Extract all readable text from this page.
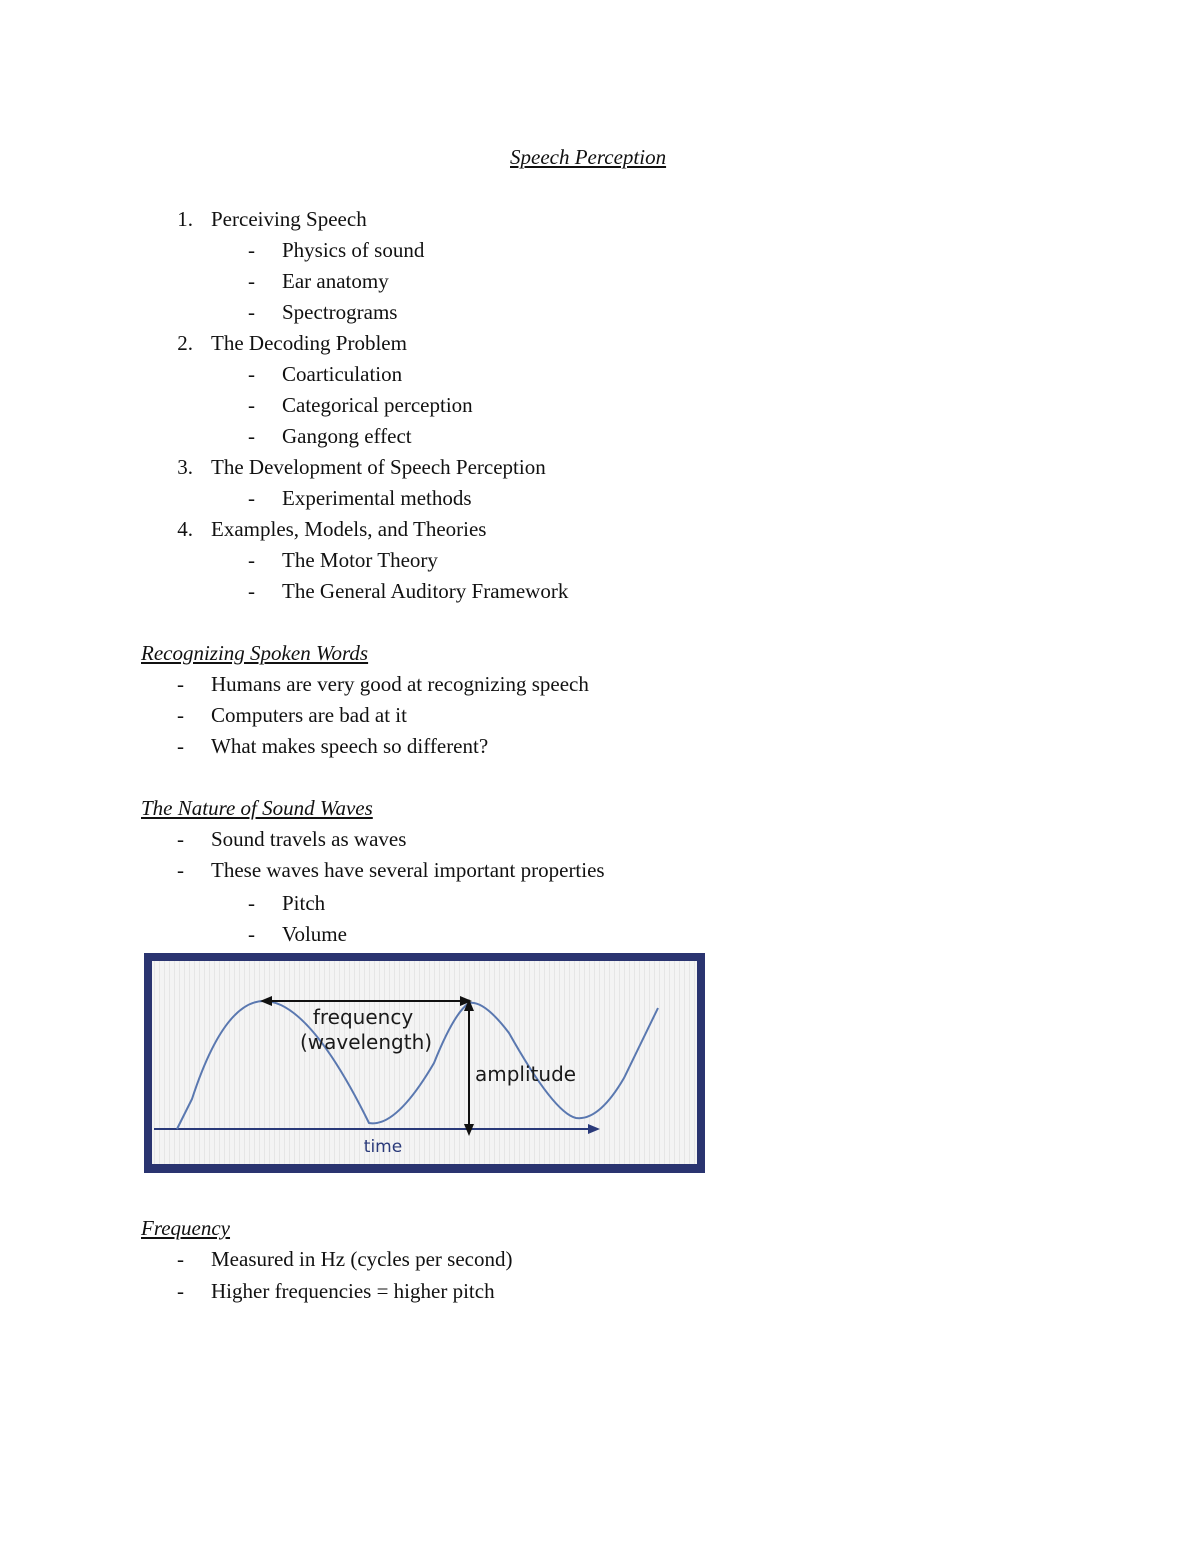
Speech Perception
1. Perceiving Speech
-	Physics of sound
-	Ear anatomy
-	Spectrograms
2. The Decoding Problem
-	Coarticulation
-	Categorical perception
-	Gangong effect
3. The Development of Speech Perception
-	Experimental methods
4. Examples, Models, and Theories
-	The Motor Theory
-	The General Auditory Framework
Recognizing Spoken Words
-	Humans are very good at recognizing speech
-	Computers are bad at it
-	What makes speech so different?
The Nature of Sound Waves
-	Sound travels as waves
-	These waves have several important properties
-	Pitch
-	Volume
frequency
(wavelength)
amplitude
time
Frequency
-	Measured in Hz (cycles per second)
-	Higher frequencies = higher pitch
